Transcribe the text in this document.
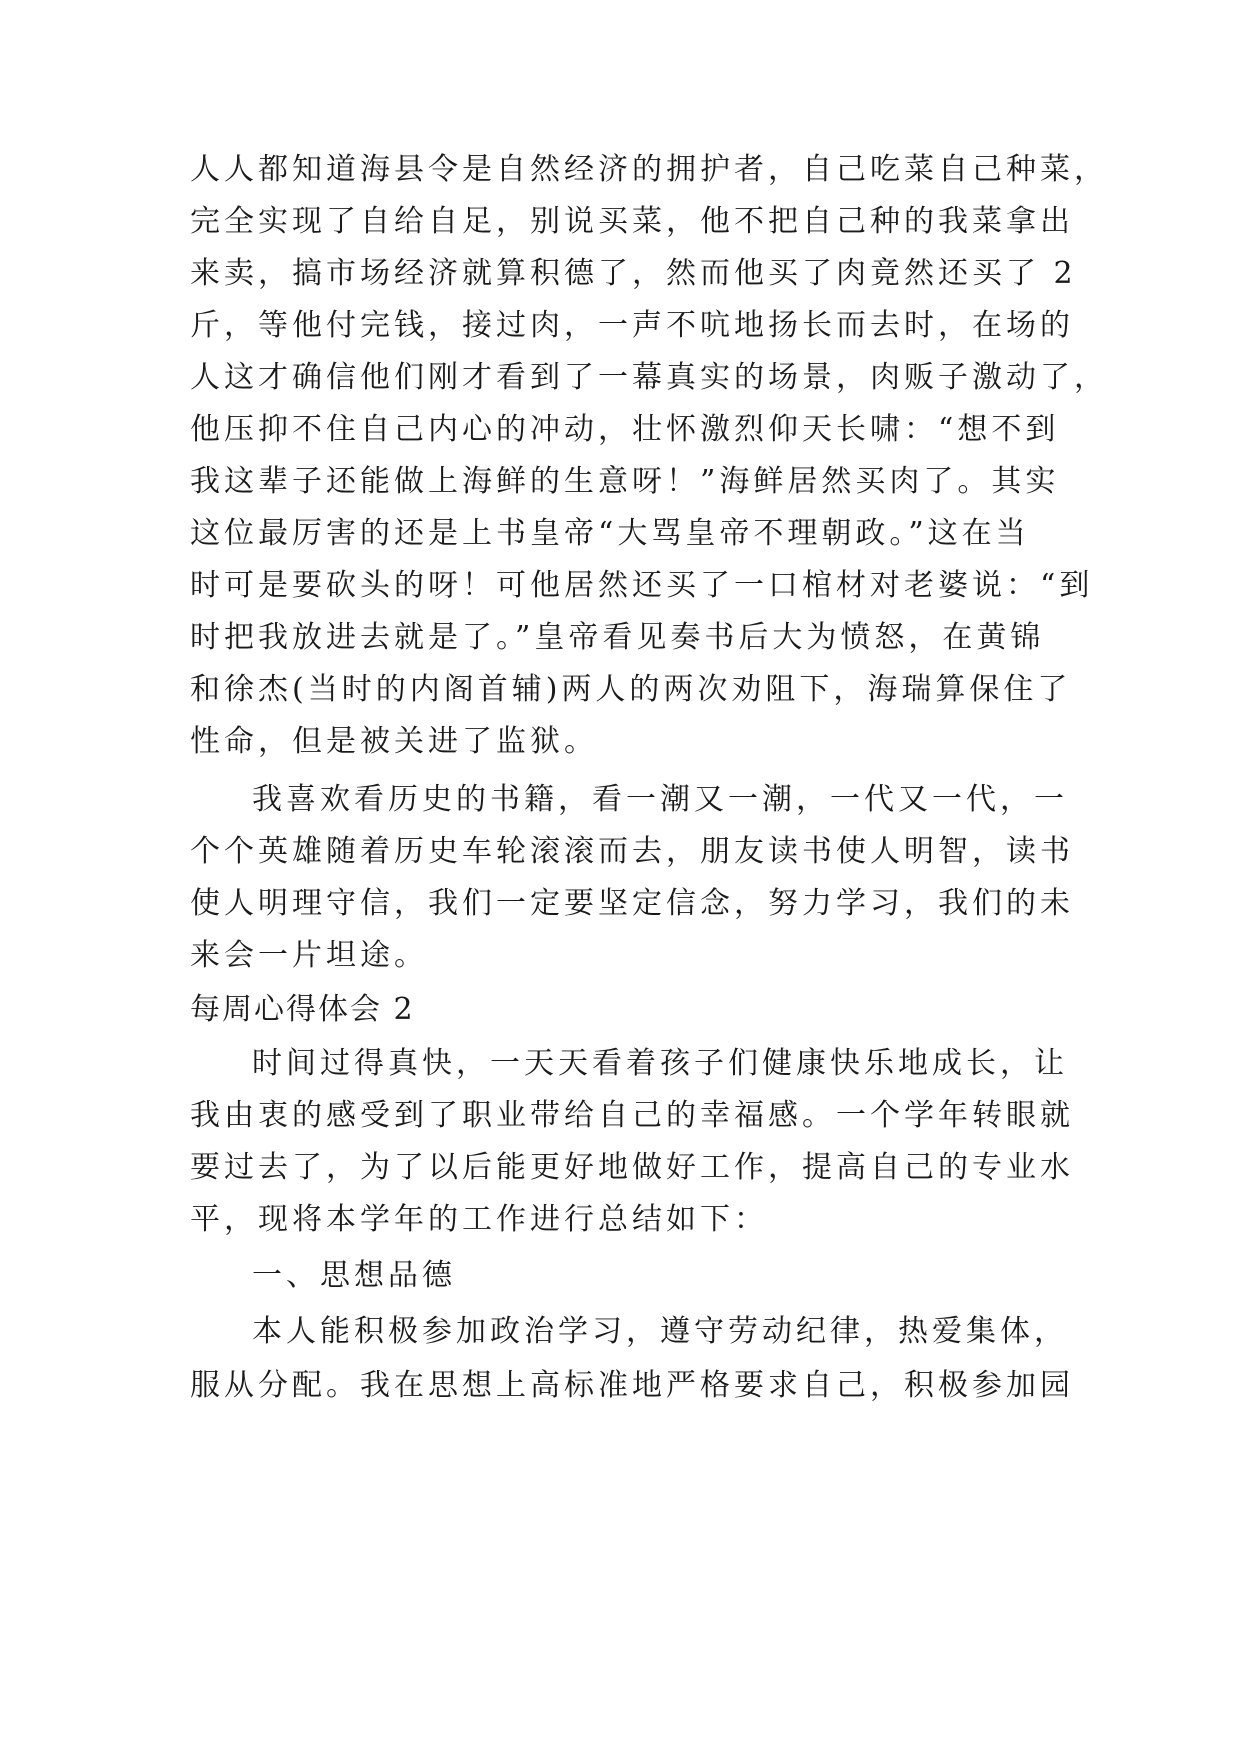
人人都知道海县令是自然经济的拥护者，自己吃菜自己种菜，
完全实现了自给自足，别说买菜，他不把自己种的我菜拿出
来卖，搞市场经济就算积德了，然而他买了肉竟然还买了 2
斤，等他付完钱，接过肉，一声不吭地扬长而去时，在场的
人这才确信他们刚才看到了一幕真实的场景，肉贩子激动了，
他压抑不住自己内心的冲动，壮怀激烈仰天长啸：“想不到
我这辈子还能做上海鲜的生意呀！”海鲜居然买肉了。其实
这位最厉害的还是上书皇帝“大骂皇帝不理朝政。”这在当
时可是要砍头的呀！可他居然还买了一口棺材对老婆说：“到
时把我放进去就是了。”皇帝看见奏书后大为愤怒，在黄锦
和徐杰(当时的内阁首辅)两人的两次劝阻下，海瑞算保住了
性命，但是被关进了监狱。
我喜欢看历史的书籍，看一潮又一潮，一代又一代，一
个个英雄随着历史车轮滚滚而去，朋友读书使人明智，读书
使人明理守信，我们一定要坚定信念，努力学习，我们的未
来会一片坦途。
每周心得体会 2
时间过得真快，一天天看着孩子们健康快乐地成长，让
我由衷的感受到了职业带给自己的幸福感。一个学年转眼就
要过去了，为了以后能更好地做好工作，提高自己的专业水
平，现将本学年的工作进行总结如下：
一、思想品德
本人能积极参加政治学习，遵守劳动纪律，热爱集体，
服从分配。我在思想上高标准地严格要求自己，积极参加园
